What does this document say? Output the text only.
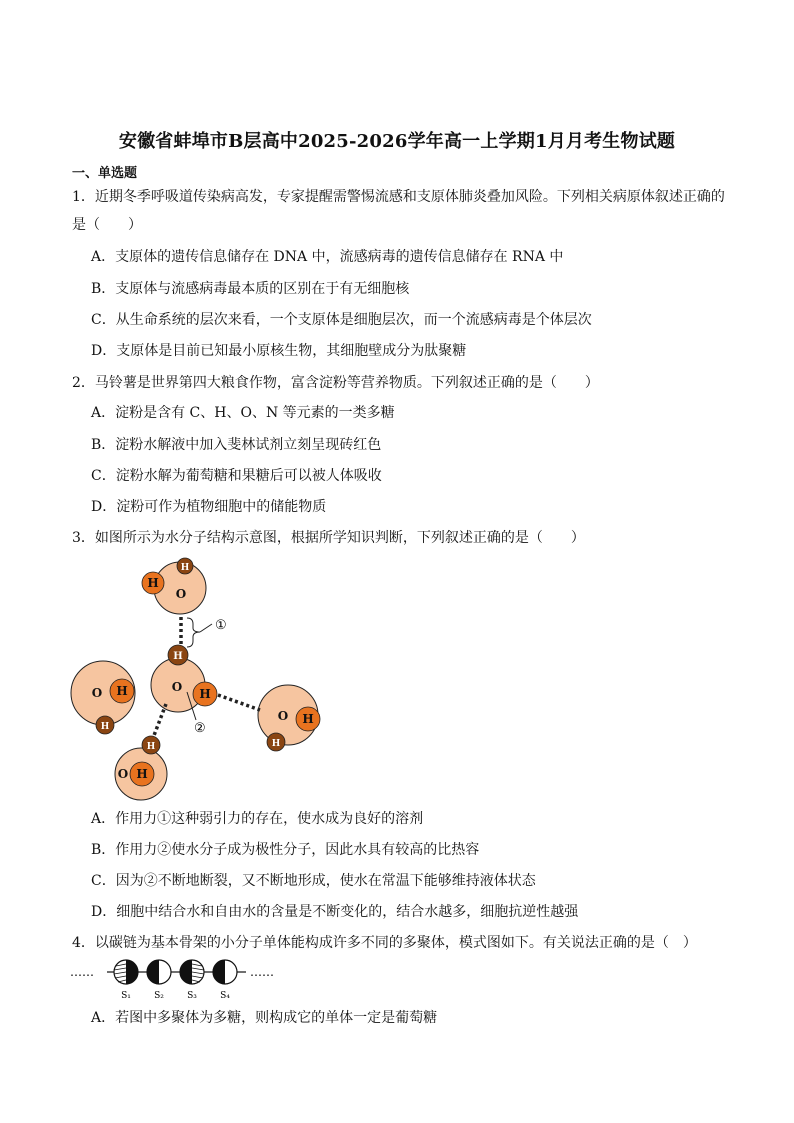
安徽省蚌埠市B层高中2025-2026学年高一上学期1月月考生物试题
一、单选题
1．近期冬季呼吸道传染病高发，专家提醒需警惕流感和支原体肺炎叠加风险。下列相关病原体叙述正确的
是（　　）
A．支原体的遗传信息储存在 DNA 中，流感病毒的遗传信息储存在 RNA 中
B．支原体与流感病毒最本质的区别在于有无细胞核
C．从生命系统的层次来看，一个支原体是细胞层次，而一个流感病毒是个体层次
D．支原体是目前已知最小原核生物，其细胞壁成分为肽聚糖
2．马铃薯是世界第四大粮食作物，富含淀粉等营养物质。下列叙述正确的是（　　）
A．淀粉是含有 C、H、O、N 等元素的一类多糖
B．淀粉水解液中加入斐林试剂立刻呈现砖红色
C．淀粉水解为葡萄糖和果糖后可以被人体吸收
D．淀粉可作为植物细胞中的储能物质
3．如图所示为水分子结构示意图，根据所学知识判断，下列叙述正确的是（　　）
①
②
O
H
H
O
H
H
O H
H
O H
H
O H
H
A．作用力①这种弱引力的存在，使水成为良好的溶剂
B．作用力②使水分子成为极性分子，因此水具有较高的比热容
C．因为②不断地断裂，又不断地形成，使水在常温下能够维持液体状态
D．细胞中结合水和自由水的含量是不断变化的，结合水越多，细胞抗逆性越强
4．以碳链为基本骨架的小分子单体能构成许多不同的多聚体，模式图如下。有关说法正确的是（　）
……	……
S₁	S₂	S₃	S₄
A．若图中多聚体为多糖，则构成它的单体一定是葡萄糖
